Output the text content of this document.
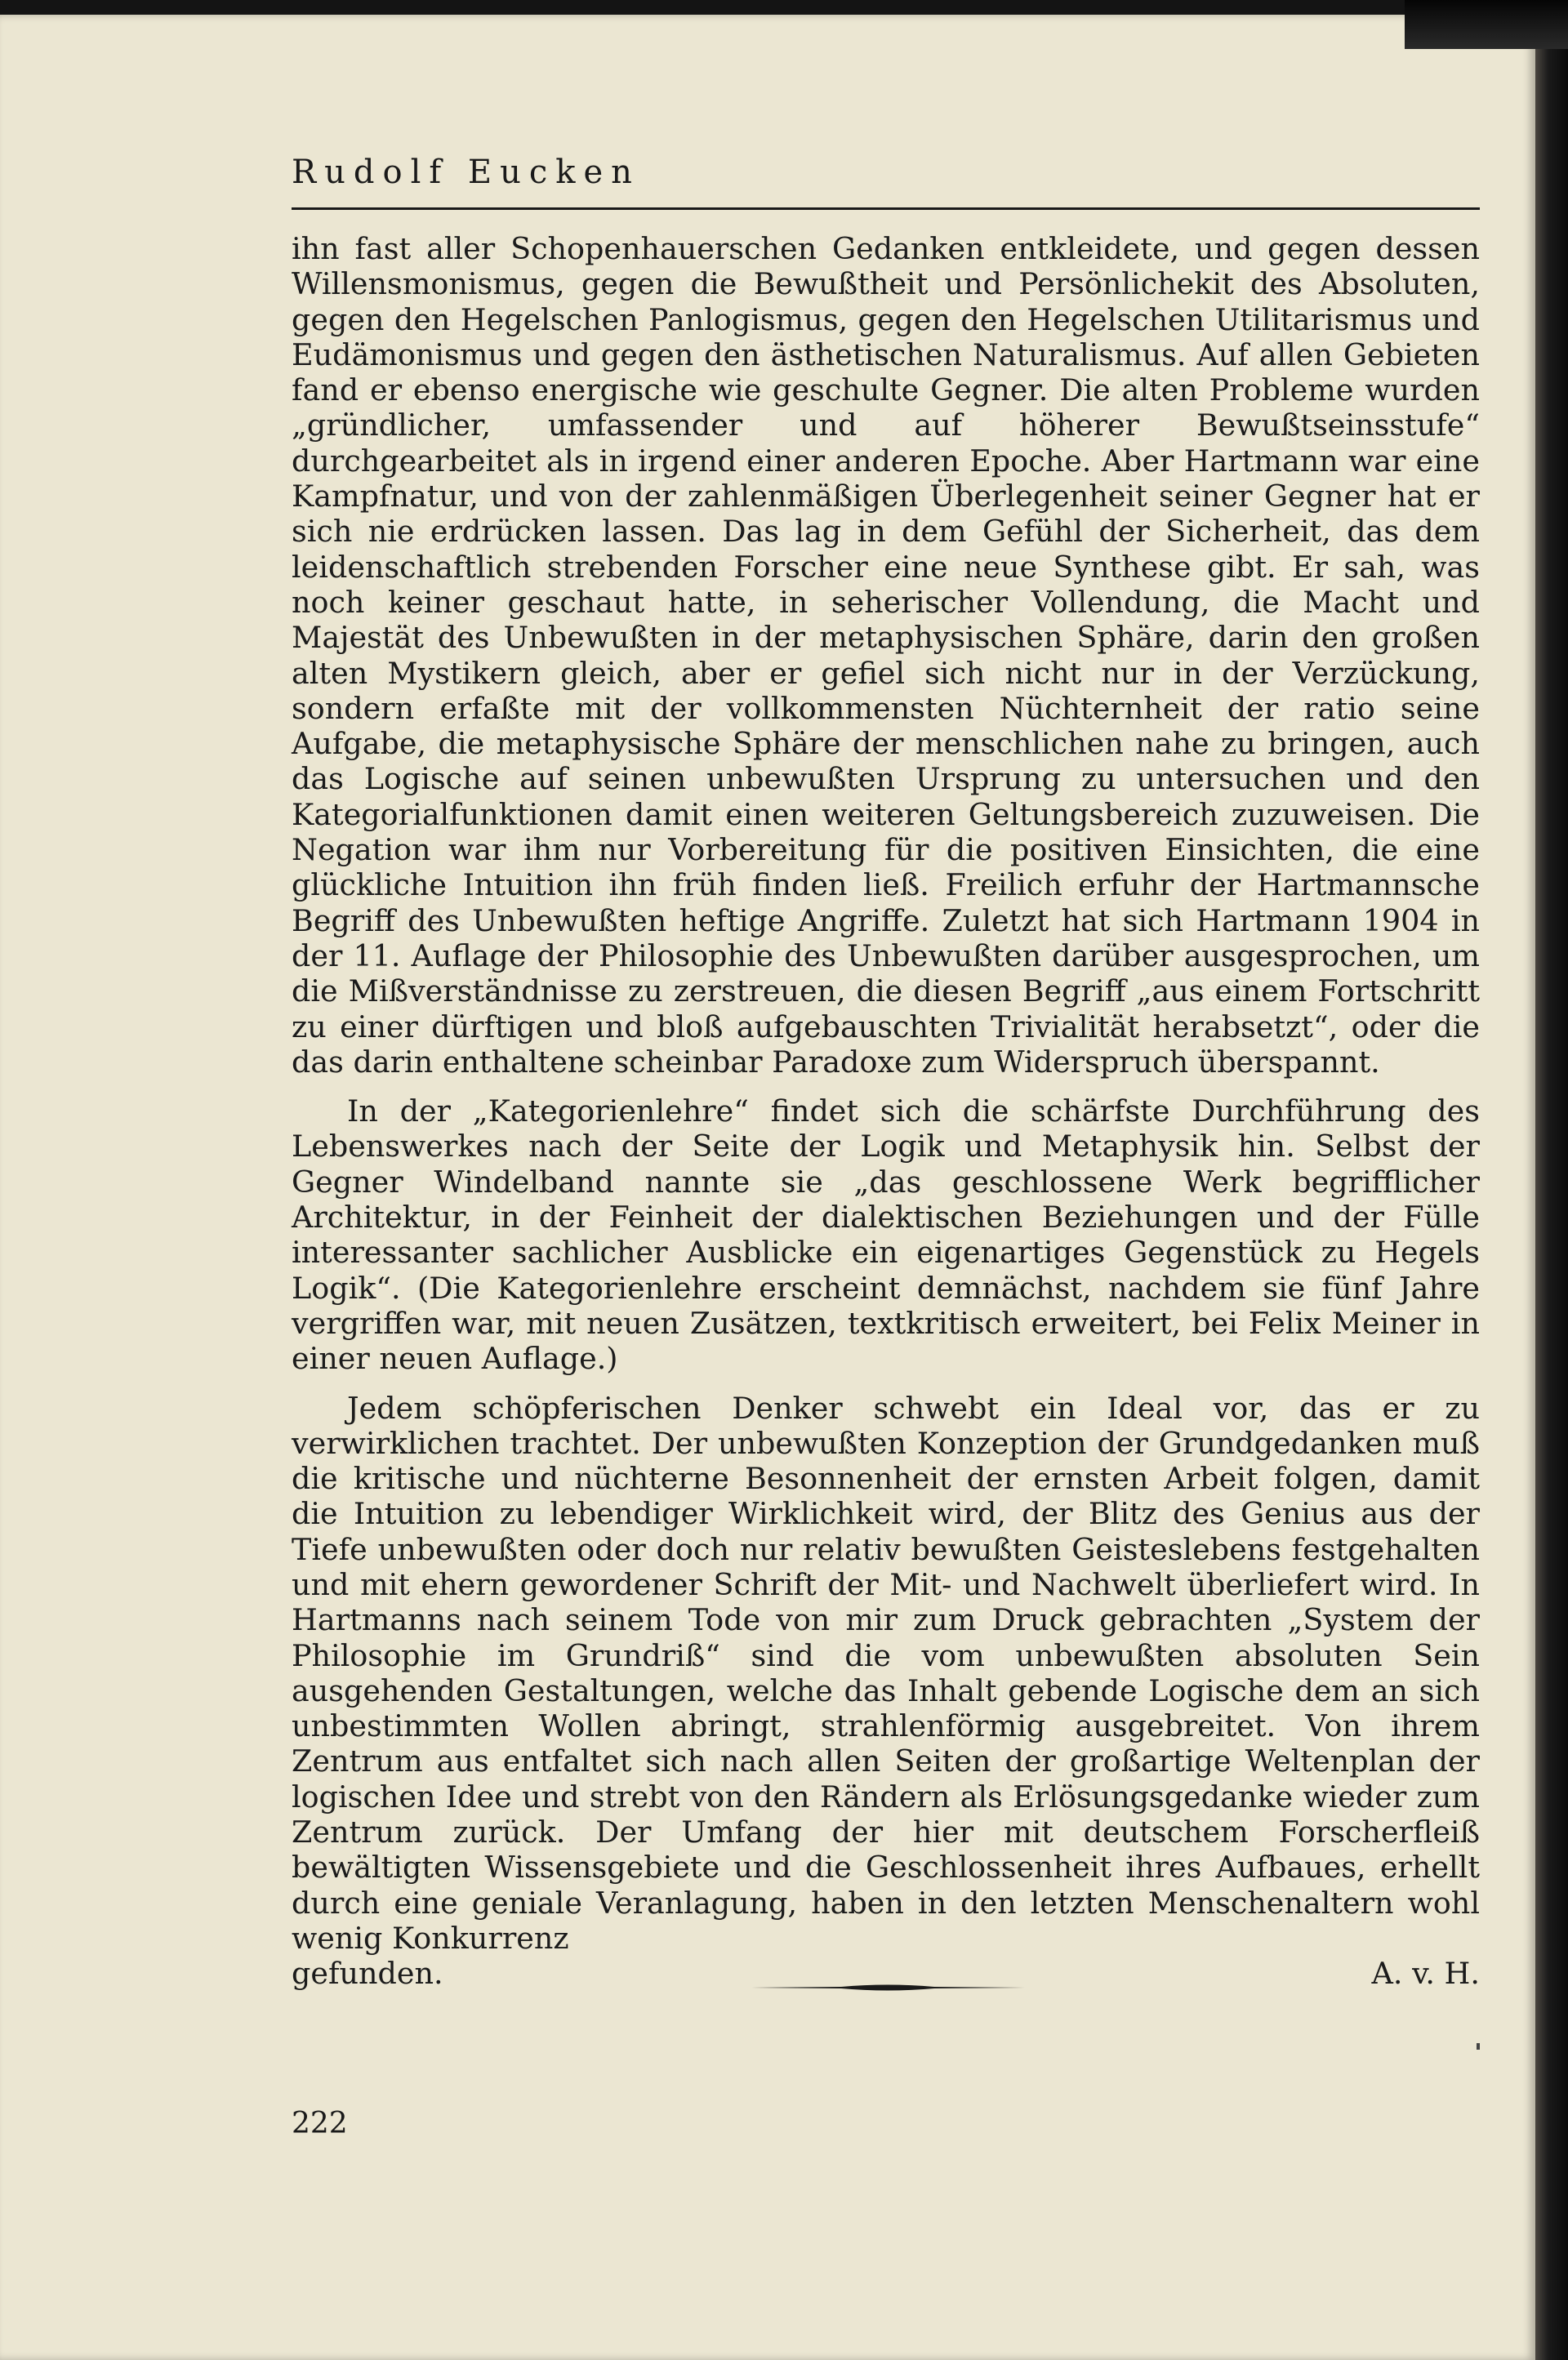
Rudolf Eucken

ihn fast aller Schopenhauerschen Gedanken entkleidete, und gegen dessen Willensmonismus, gegen die Bewußtheit und Persönlichekit des Absoluten, gegen den Hegelschen Panlogismus, gegen den Hegelschen Utilitarismus und Eudämonismus und gegen den ästhetischen Naturalismus. Auf allen Gebieten fand er ebenso energische wie geschulte Gegner. Die alten Probleme wurden „gründlicher, umfassender und auf höherer Bewußtseinsstufe“ durchgearbeitet als in irgend einer anderen Epoche. Aber Hartmann war eine Kampfnatur, und von der zahlenmäßigen Überlegenheit seiner Gegner hat er sich nie erdrücken lassen. Das lag in dem Gefühl der Sicherheit, das dem leidenschaftlich strebenden Forscher eine neue Synthese gibt. Er sah, was noch keiner geschaut hatte, in seherischer Vollendung, die Macht und Majestät des Unbewußten in der metaphysischen Sphäre, darin den großen alten Mystikern gleich, aber er gefiel sich nicht nur in der Verzückung, sondern erfaßte mit der vollkommensten Nüchternheit der ratio seine Aufgabe, die metaphysische Sphäre der menschlichen nahe zu bringen, auch das Logische auf seinen unbewußten Ursprung zu untersuchen und den Kategorialfunktionen damit einen weiteren Geltungsbereich zuzuweisen. Die Negation war ihm nur Vorbereitung für die positiven Einsichten, die eine glückliche Intuition ihn früh finden ließ. Freilich erfuhr der Hartmannsche Begriff des Unbewußten heftige Angriffe. Zuletzt hat sich Hartmann 1904 in der 11. Auflage der Philosophie des Unbewußten darüber ausgesprochen, um die Mißverständnisse zu zerstreuen, die diesen Begriff „aus einem Fortschritt zu einer dürftigen und bloß aufgebauschten Trivialität herabsetzt“, oder die das darin enthaltene scheinbar Paradoxe zum Widerspruch überspannt.

In der „Kategorienlehre“ findet sich die schärfste Durchführung des Lebenswerkes nach der Seite der Logik und Metaphysik hin. Selbst der Gegner Windelband nannte sie „das geschlossene Werk begrifflicher Architektur, in der Feinheit der dialektischen Beziehungen und der Fülle interessanter sachlicher Ausblicke ein eigenartiges Gegenstück zu Hegels Logik“. (Die Kategorienlehre erscheint demnächst, nachdem sie fünf Jahre vergriffen war, mit neuen Zusätzen, textkritisch erweitert, bei Felix Meiner in einer neuen Auflage.)

Jedem schöpferischen Denker schwebt ein Ideal vor, das er zu verwirklichen trachtet. Der unbewußten Konzeption der Grundgedanken muß die kritische und nüchterne Besonnenheit der ernsten Arbeit folgen, damit die Intuition zu lebendiger Wirklichkeit wird, der Blitz des Genius aus der Tiefe unbewußten oder doch nur relativ bewußten Geisteslebens festgehalten und mit ehern gewordener Schrift der Mit- und Nachwelt überliefert wird. In Hartmanns nach seinem Tode von mir zum Druck gebrachten „System der Philosophie im Grundriß“ sind die vom unbewußten absoluten Sein ausgehenden Gestaltungen, welche das Inhalt gebende Logische dem an sich unbestimmten Wollen abringt, strahlenförmig ausgebreitet. Von ihrem Zentrum aus entfaltet sich nach allen Seiten der großartige Weltenplan der logischen Idee und strebt von den Rändern als Erlösungsgedanke wieder zum Zentrum zurück. Der Umfang der hier mit deutschem Forscherfleiß bewältigten Wissensgebiete und die Geschlossenheit ihres Aufbaues, erhellt durch eine geniale Veranlagung, haben in den letzten Menschenaltern wohl wenig Konkurrenz

gefunden.	A. v. H.
222
